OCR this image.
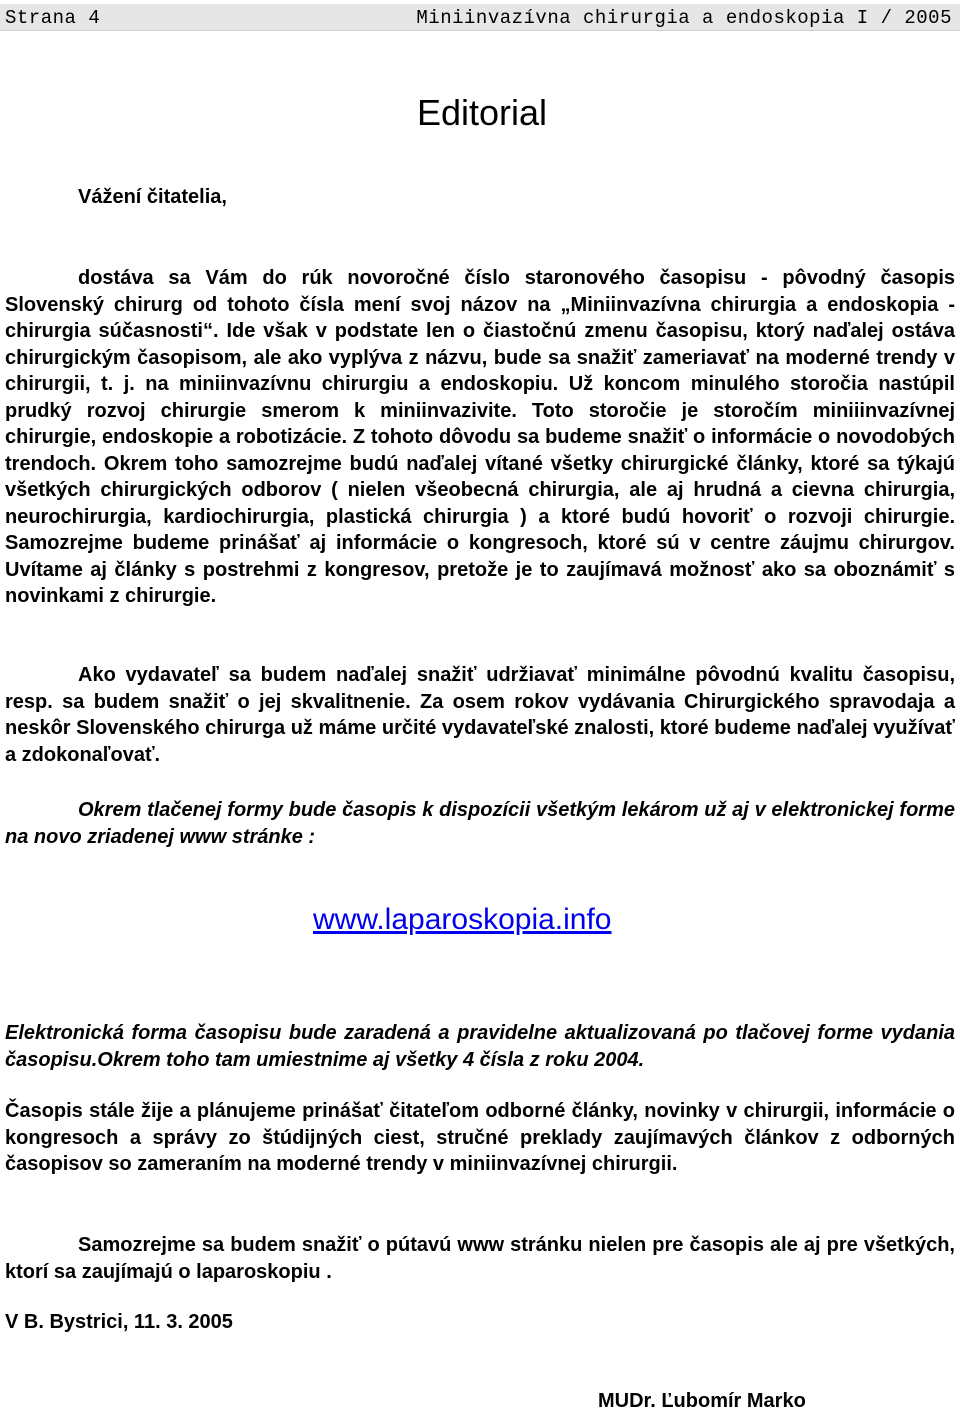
Strana 4	Miniinvazívna chirurgia a endoskopia I / 2005
Editorial
Vážení čitatelia,
dostáva sa Vám do rúk novoročné číslo staronového časopisu - pôvodný časopis Slovenský chirurg od tohoto čísla mení svoj názov na „Miniinvazívna chirurgia a endoskopia - chirurgia súčasnosti“. Ide však v podstate len o čiastočnú zmenu časopisu, ktorý naďalej ostáva chirurgickým časopisom, ale ako vyplýva z názvu, bude sa snažiť zameriavať na moderné trendy v chirurgii, t. j. na miniinvazívnu chirurgiu a endoskopiu. Už koncom minulého storočia nastúpil prudký rozvoj chirurgie smerom k miniinvazivite. Toto storočie je storočím miniiinvazívnej chirurgie, endoskopie a robotizácie. Z tohoto dôvodu sa budeme snažiť o informácie o novodobých trendoch. Okrem toho samozrejme budú naďalej vítané všetky chirurgické články, ktoré sa týkajú všetkých chirurgických odborov ( nielen všeobecná chirurgia, ale aj hrudná a cievna chirurgia, neurochirurgia, kardiochirurgia, plastická chirurgia ) a ktoré budú hovoriť o rozvoji chirurgie. Samozrejme budeme prinášať aj informácie o kongresoch, ktoré sú v centre záujmu chirurgov. Uvítame aj články s postrehmi z kongresov, pretože je to zaujímavá možnosť ako sa oboznámiť s novinkami z chirurgie.
Ako vydavateľ sa budem naďalej snažiť udržiavať minimálne pôvodnú kvalitu časopisu, resp. sa budem snažiť o jej skvalitnenie. Za osem rokov vydávania Chirurgického spravodaja a neskôr Slovenského chirurga už máme určité vydavateľské znalosti, ktoré budeme naďalej využívať a zdokonaľovať.
Okrem tlačenej formy bude časopis k dispozícii všetkým lekárom už aj v elektronickej forme na novo zriadenej www stránke :
www.laparoskopia.info
Elektronická forma časopisu bude zaradená a pravidelne aktualizovaná po tlačovej forme vydania časopisu.Okrem toho tam umiestnime aj všetky 4 čísla z roku 2004.
Časopis stále žije a plánujeme prinášať čitateľom odborné články, novinky v chirurgii, informácie o kongresoch a správy zo štúdijných ciest, stručné preklady zaujímavých článkov z odborných časopisov so zameraním na moderné trendy v miniinvazívnej chirurgii.
Samozrejme sa budem snažiť o pútavú www stránku nielen pre časopis ale aj pre všetkých, ktorí sa zaujímajú o laparoskopiu .
V B. Bystrici, 11. 3. 2005
MUDr. Ľubomír Marko
